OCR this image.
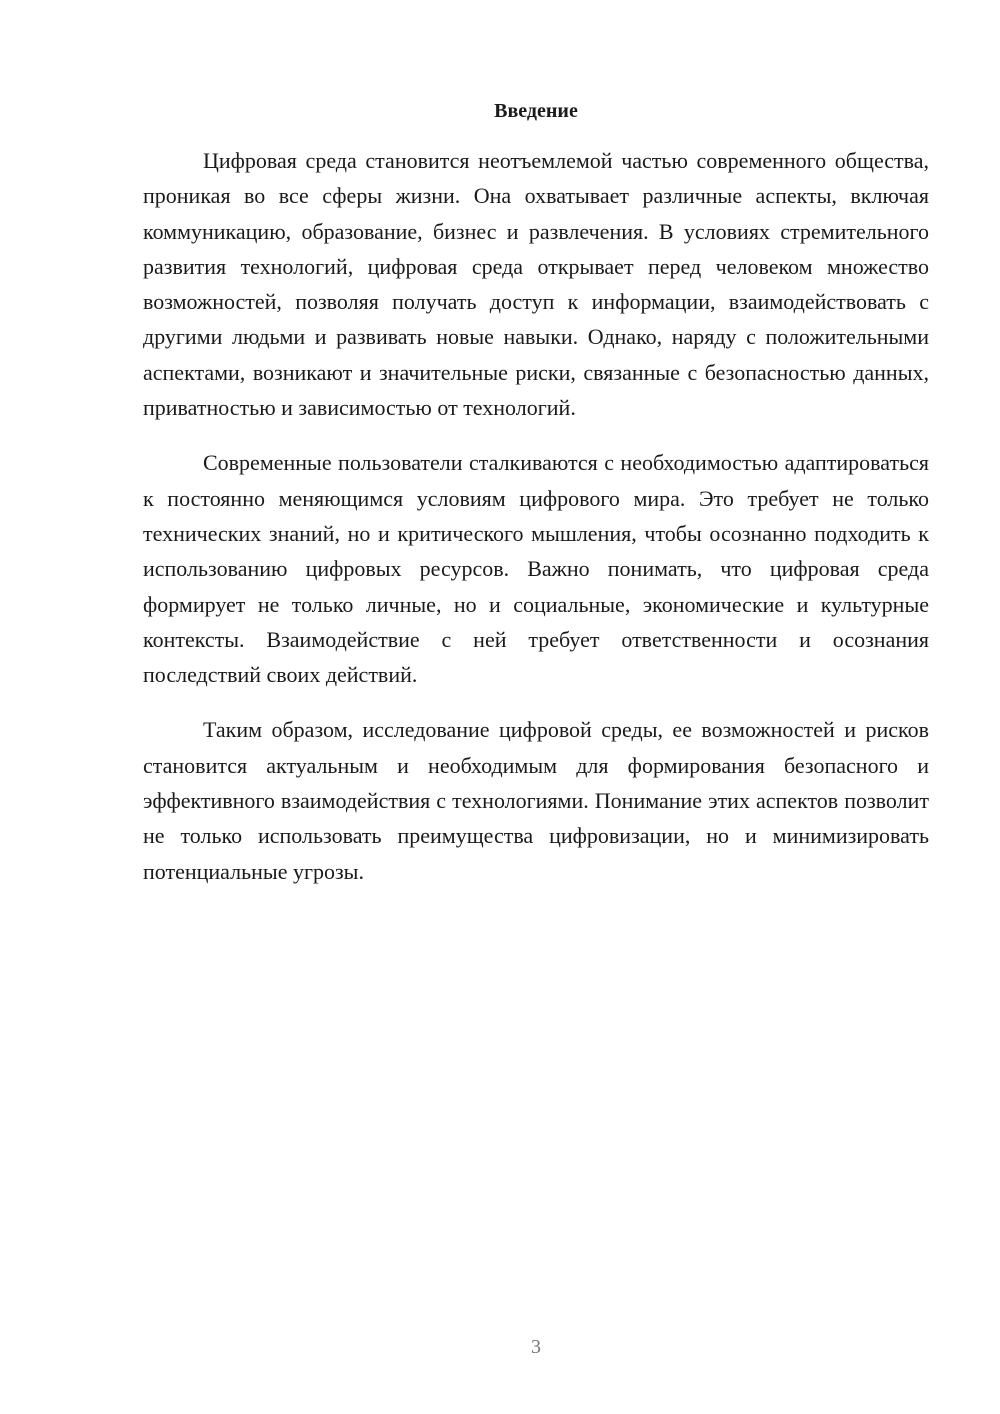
Введение

Цифровая среда становится неотъемлемой частью современного общества, проникая во все сферы жизни. Она охватывает различные аспекты, включая коммуникацию, образование, бизнес и развлечения. В условиях стремительного развития технологий, цифровая среда открывает перед человеком множество возможностей, позволяя получать доступ к информации, взаимодействовать с другими людьми и развивать новые навыки. Однако, наряду с положительными аспектами, возникают и значительные риски, связанные с безопасностью данных, приватностью и зависимостью от технологий.

Современные пользователи сталкиваются с необходимостью адаптироваться к постоянно меняющимся условиям цифрового мира. Это требует не только технических знаний, но и критического мышления, чтобы осознанно подходить к использованию цифровых ресурсов. Важно понимать, что цифровая среда формирует не только личные, но и социальные, экономические и культурные контексты. Взаимодействие с ней требует ответственности и осознания последствий своих действий.

Таким образом, исследование цифровой среды, ее возможностей и рисков становится актуальным и необходимым для формирования безопасного и эффективного взаимодействия с технологиями. Понимание этих аспектов позволит не только использовать преимущества цифровизации, но и минимизировать потенциальные угрозы.

3
